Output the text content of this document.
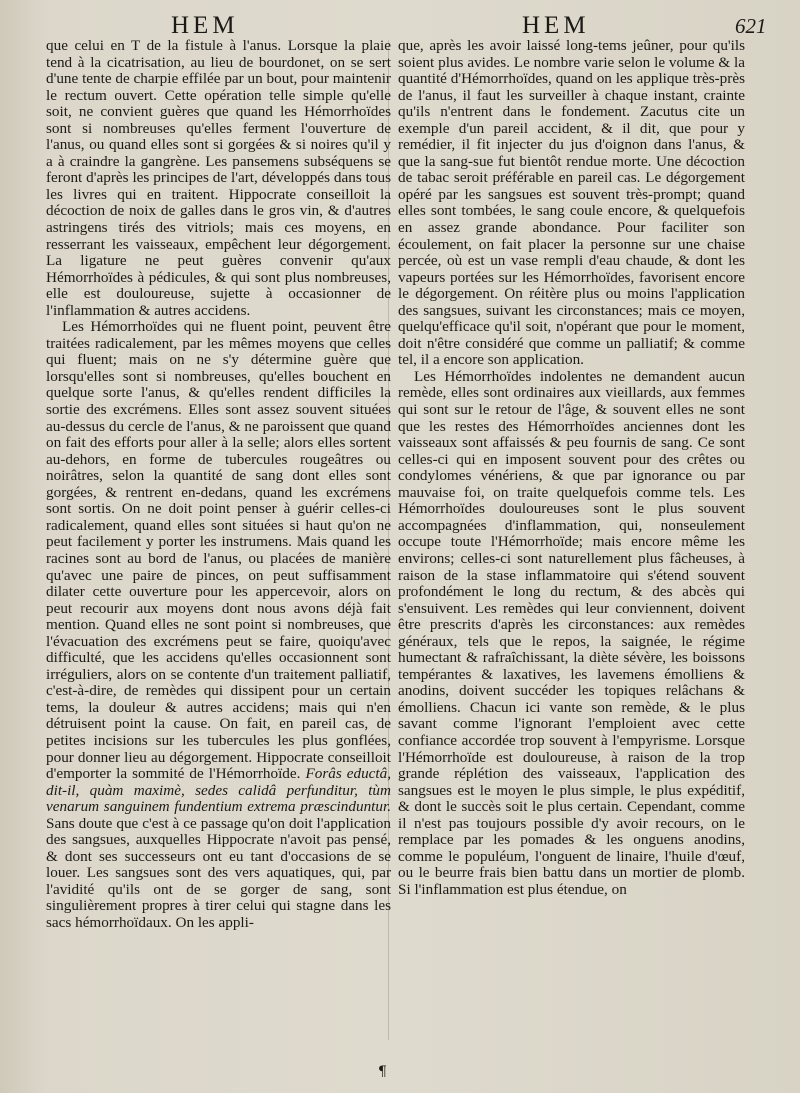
HEM	HEM	621

que celui en T de la fistule à l'anus. Lorsque la plaie tend à la cicatrisation, au lieu de bourdonet, on se sert d'une tente de charpie effilée par un bout, pour maintenir le rectum ouvert. Cette opération telle simple qu'elle soit, ne convient guères que quand les Hémorrhoïdes sont si nombreuses qu'elles ferment l'ouverture de l'anus, ou quand elles sont si gorgées & si noires qu'il y a à craindre la gangrène. Les pansemens subséquens se feront d'après les principes de l'art, développés dans tous les livres qui en traitent. Hippocrate conseilloit la décoction de noix de galles dans le gros vin, & d'autres astringens tirés des vitriols; mais ces moyens, en resserrant les vaisseaux, empêchent leur dégorgement. La ligature ne peut guères convenir qu'aux Hémorrhoïdes à pédicules, & qui sont plus nombreuses, elle est douloureuse, sujette à occasionner de l'inflammation & autres accidens.

Les Hémorrhoïdes qui ne fluent point, peuvent être traitées radicalement, par les mêmes moyens que celles qui fluent; mais on ne s'y détermine guère que lorsqu'elles sont si nombreuses, qu'elles bouchent en quelque sorte l'anus, & qu'elles rendent difficiles la sortie des excrémens. Elles sont assez souvent situées au-dessus du cercle de l'anus, & ne paroissent que quand on fait des efforts pour aller à la selle; alors elles sortent au-dehors, en forme de tubercules rougeâtres ou noirâtres, selon la quantité de sang dont elles sont gorgées, & rentrent en-dedans, quand les excrémens sont sortis. On ne doit point penser à guérir celles-ci radicalement, quand elles sont situées si haut qu'on ne peut facilement y porter les instrumens. Mais quand les racines sont au bord de l'anus, ou placées de manière qu'avec une paire de pinces, on peut suffisamment dilater cette ouverture pour les appercevoir, alors on peut recourir aux moyens dont nous avons déjà fait mention. Quand elles ne sont point si nombreuses, que l'évacuation des excrémens peut se faire, quoiqu'avec difficulté, que les accidens qu'elles occasionnent sont irréguliers, alors on se contente d'un traitement palliatif, c'est-à-dire, de remèdes qui dissipent pour un certain tems, la douleur & autres accidens; mais qui n'en détruisent point la cause. On fait, en pareil cas, de petites incisions sur les tubercules les plus gonflées, pour donner lieu au dégorgement. Hippocrate conseilloit d'emporter la sommité de l'Hémorrhoïde. Forâs eductâ, dit-il, quàm maximè, sedes calidâ perfunditur, tùm venarum sanguinem fundentium extrema præscinduntur. Sans doute que c'est à ce passage qu'on doit l'application des sangsues, auxquelles Hippocrate n'avoit pas pensé, & dont ses successeurs ont eu tant d'occasions de se louer. Les sangsues sont des vers aquatiques, qui, par l'avidité qu'ils ont de se gorger de sang, sont singulièrement propres à tirer celui qui stagne dans les sacs hémorrhoïdaux. On les appli-

que, après les avoir laissé long-tems jeûner, pour qu'ils soient plus avides. Le nombre varie selon le volume & la quantité d'Hémorrhoïdes, quand on les applique très-près de l'anus, il faut les surveiller à chaque instant, crainte qu'ils n'entrent dans le fondement. Zacutus cite un exemple d'un pareil accident, & il dit, que pour y remédier, il fit injecter du jus d'oignon dans l'anus, & que la sang-sue fut bientôt rendue morte. Une décoction de tabac seroit préférable en pareil cas. Le dégorgement opéré par les sangsues est souvent très-prompt; quand elles sont tombées, le sang coule encore, & quelquefois en assez grande abondance. Pour faciliter son écoulement, on fait placer la personne sur une chaise percée, où est un vase rempli d'eau chaude, & dont les vapeurs portées sur les Hémorrhoïdes, favorisent encore le dégorgement. On réitère plus ou moins l'application des sangsues, suivant les circonstances; mais ce moyen, quelqu'efficace qu'il soit, n'opérant que pour le moment, doit n'être considéré que comme un palliatif; & comme tel, il a encore son application.

Les Hémorrhoïdes indolentes ne demandent aucun remède, elles sont ordinaires aux vieillards, aux femmes qui sont sur le retour de l'âge, & souvent elles ne sont que les restes des Hémorrhoïdes anciennes dont les vaisseaux sont affaissés & peu fournis de sang. Ce sont celles-ci qui en imposent souvent pour des crêtes ou condylomes vénériens, & que par ignorance ou par mauvaise foi, on traite quelquefois comme tels. Les Hémorrhoïdes douloureuses sont le plus souvent accompagnées d'inflammation, qui, nonseulement occupe toute l'Hémorrhoïde; mais encore même les environs; celles-ci sont naturellement plus fâcheuses, à raison de la stase inflammatoire qui s'étend souvent profondément le long du rectum, & des abcès qui s'ensuivent. Les remèdes qui leur conviennent, doivent être prescrits d'après les circonstances: aux remèdes généraux, tels que le repos, la saignée, le régime humectant & rafraîchissant, la diète sévère, les boissons tempérantes & laxatives, les lavemens émolliens & anodins, doivent succéder les topiques relâchans & émolliens. Chacun ici vante son remède, & le plus savant comme l'ignorant l'emploient avec cette confiance accordée trop souvent à l'empyrisme. Lorsque l'Hémorrhoïde est douloureuse, à raison de la trop grande réplétion des vaisseaux, l'application des sangsues est le moyen le plus simple, le plus expéditif, & dont le succès soit le plus certain. Cependant, comme il n'est pas toujours possible d'y avoir recours, on le remplace par les pomades & les onguens anodins, comme le populéum, l'onguent de linaire, l'huile d'œuf, ou le beurre frais bien battu dans un mortier de plomb. Si l'inflammation est plus étendue, on

¶
